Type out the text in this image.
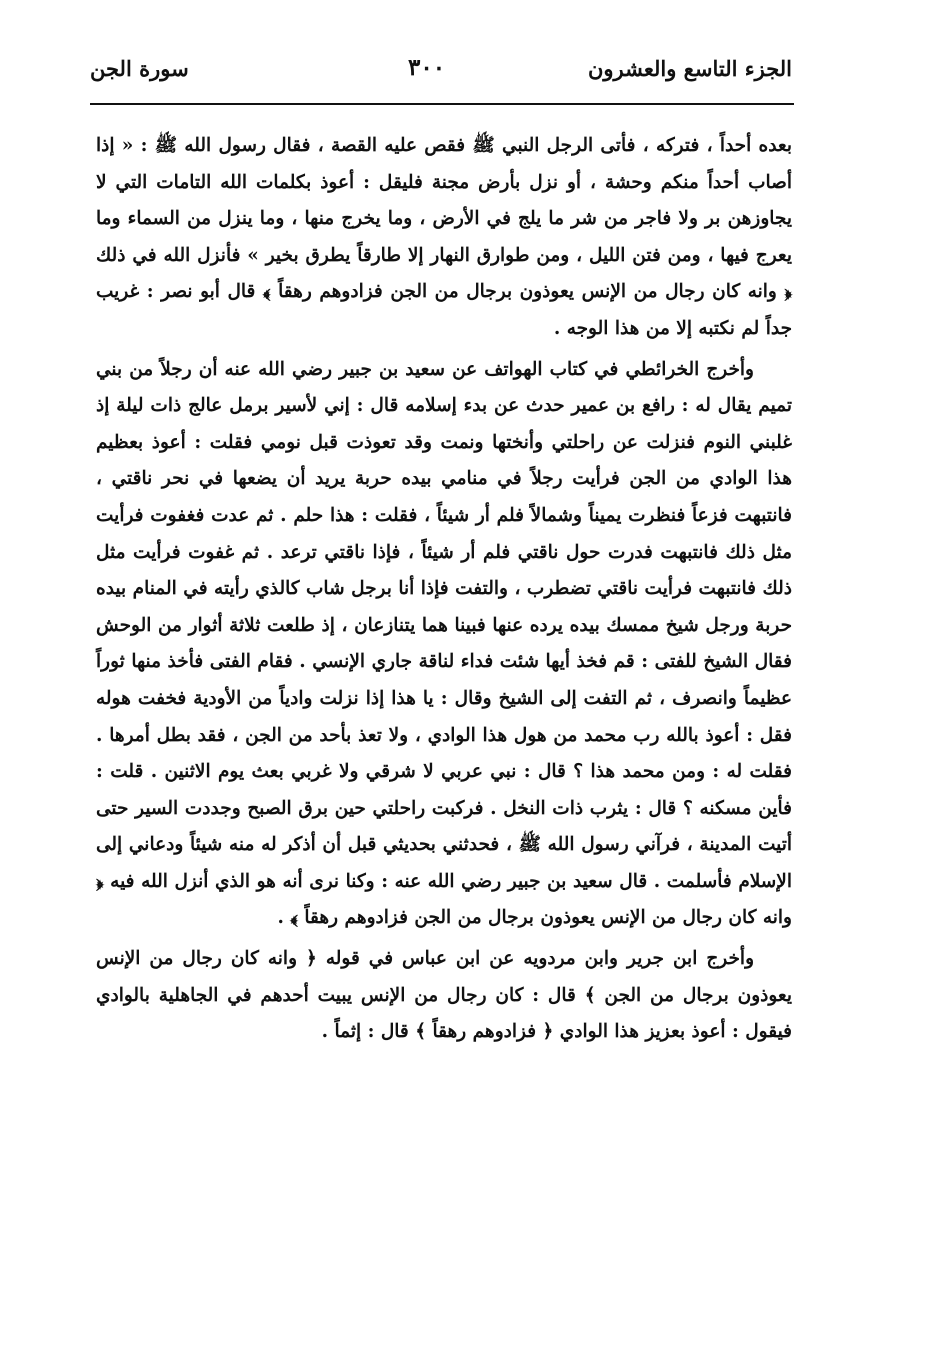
الجزء التاسع والعشرون
٣٠٠
سورة الجن

بعده أحداً ، فتركه ، فأتى الرجل النبي ﷺ فقص عليه القصة ، فقال رسول الله ﷺ : « إذا أصاب أحداً منكم وحشة ، أو نزل بأرض مجنة فليقل : أعوذ بكلمات الله التامات التي لا يجاوزهن بر ولا فاجر من شر ما يلج في الأرض ، وما يخرج منها ، وما ينزل من السماء وما يعرج فيها ، ومن فتن الليل ، ومن طوارق النهار إلا طارقاً يطرق بخير » فأنزل الله في ذلك ﴿ وانه كان رجال من الإنس يعوذون برجال من الجن فزادوهم رهقاً ﴾ قال أبو نصر : غريب جداً لم نكتبه إلا من هذا الوجه .

وأخرج الخرائطي في كتاب الهواتف عن سعيد بن جبير رضي الله عنه أن رجلاً من بني تميم يقال له : رافع بن عمير حدث عن بدء إسلامه قال : إني لأسير برمل عالج ذات ليلة إذ غلبني النوم فنزلت عن راحلتي وأنختها ونمت وقد تعوذت قبل نومي فقلت : أعوذ بعظيم هذا الوادي من الجن فرأيت رجلاً في منامي بيده حربة يريد أن يضعها في نحر ناقتي ، فانتبهت فزعاً فنظرت يميناً وشمالاً فلم أر شيئاً ، فقلت : هذا حلم . ثم عدت فغفوت فرأيت مثل ذلك فانتبهت فدرت حول ناقتي فلم أر شيئاً ، فإذا ناقتي ترعد . ثم غفوت فرأيت مثل ذلك فانتبهت فرأيت ناقتي تضطرب ، والتفت فإذا أنا برجل شاب كالذي رأيته في المنام بيده حربة ورجل شيخ ممسك بيده يرده عنها فبينا هما يتنازعان ، إذ طلعت ثلاثة أثوار من الوحش فقال الشيخ للفتى : قم فخذ أيها شئت فداء لناقة جاري الإنسي . فقام الفتى فأخذ منها ثوراً عظيماً وانصرف ، ثم التفت إلى الشيخ وقال : يا هذا إذا نزلت وادياً من الأودية فخفت هوله فقل : أعوذ بالله رب محمد من هول هذا الوادي ، ولا تعذ بأحد من الجن ، فقد بطل أمرها . فقلت له : ومن محمد هذا ؟ قال : نبي عربي لا شرقي ولا غربي بعث يوم الاثنين . قلت : فأين مسكنه ؟ قال : يثرب ذات النخل . فركبت راحلتي حين برق الصبح وجددت السير حتى أتيت المدينة ، فرآني رسول الله ﷺ ، فحدثني بحديثي قبل أن أذكر له منه شيئاً ودعاني إلى الإسلام فأسلمت . قال سعيد بن جبير رضي الله عنه : وكنا نرى أنه هو الذي أنزل الله فيه ﴿ وانه كان رجال من الإنس يعوذون برجال من الجن فزادوهم رهقاً ﴾ .

وأخرج ابن جرير وابن مردويه عن ابن عباس في قوله ﴿ وانه كان رجال من الإنس يعوذون برجال من الجن ﴾ قال : كان رجال من الإنس يبيت أحدهم في الجاهلية بالوادي فيقول : أعوذ بعزيز هذا الوادي ﴿ فزادوهم رهقاً ﴾ قال : إثماً .
